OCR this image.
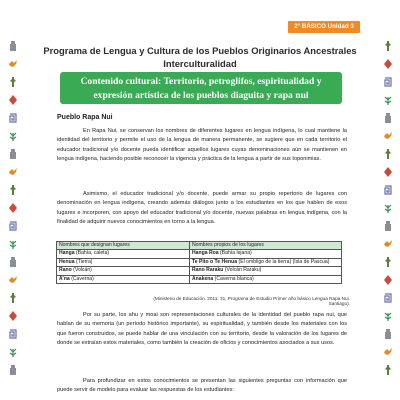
2° BÁSICO Unidad 3
Programa de Lengua y Cultura de los Pueblos Originarios Ancestrales
Interculturalidad
Contenido cultural: Territorio, petroglifos, espiritualidad y
expresión artística de los pueblos diaguita y rapa nui
Pueblo Rapa Nui
En Rapa Nui, se conservan los nombres de diferentes lugares en lengua indígena, lo cual mantiene la identidad del territorio y permite el uso de la lengua de manera permanente, se sugiere que en cada territorio el educador tradicional y/o docente pueda identificar aquellos lugares cuyas denominaciones aún se mantienen en lengua indígena, haciendo posible reconocer la vigencia y práctica de la lengua a partir de sus toponimias.
Asimismo, el educador tradicional y/o docente, puede armar su propio repertorio de lugares con denominación en lengua indígena, creando además diálogos junto a los estudiantes en los que hablen de esos lugares e incorporen, con apoyo del educador tradicional y/o docente, nuevas palabras en lengua indígena, con la finalidad de adquirir nuevos conocimientos en torno a la lengua.
Nombres que designan lugares	Nombres propios de los lugares
Hanga (Bahía, caleta)	Hanga Roa (Bahía lejana)
Henua (Tierra)	Te Pito o Te Henua (El ombligo de la tierra) (Isla de Pascua)
Rano (Volcán)	Rano Raraku (Volcán Raraku)
A’na (Caverna)	Anakena (Caverna blanca)
(Ministerio de Educación. 2011: 31, Programa de Estudio Primer año básico Lengua Rapa Nui. Santiago).
Por su parte, los ahu y moai son representaciones culturales de la identidad del pueblo rapa nui, que hablan de su memoria (un período histórico importante), su espiritualidad, y también desde los materiales con los que fueron construidos, se puede hablar de una vinculación con su territorio, desde la valoración de los lugares de donde se extraían estos materiales, como también la creación de oficios y conocimientos asociados a sus usos.
Para profundizar en estos conocimientos se presentan las siguientes preguntas con información que puede servir de modelo para evaluar las respuestas de los estudiantes:
